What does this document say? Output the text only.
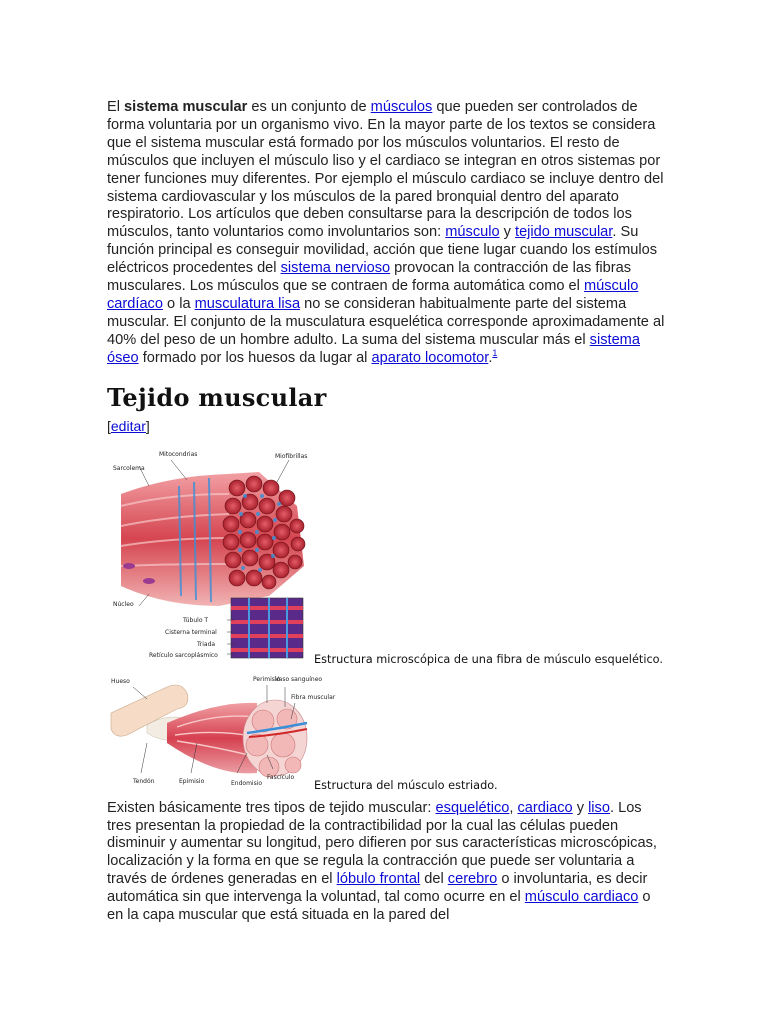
El sistema muscular es un conjunto de músculos que pueden ser controlados de forma voluntaria por un organismo vivo. En la mayor parte de los textos se considera que el sistema muscular está formado por los músculos voluntarios. El resto de músculos que incluyen el músculo liso y el cardiaco se integran en otros sistemas por tener funciones muy diferentes. Por ejemplo el músculo cardiaco se incluye dentro del sistema cardiovascular y los músculos de la pared bronquial dentro del aparato respiratorio. Los artículos que deben consultarse para la descripción de todos los músculos, tanto voluntarios como involuntarios son: músculo y tejido muscular. Su función principal es conseguir movilidad, acción que tiene lugar cuando los estímulos eléctricos procedentes del sistema nervioso provocan la contracción de las fibras musculares. Los músculos que se contraen de forma automática como el músculo cardíaco o la musculatura lisa no se consideran habitualmente parte del sistema muscular. El conjunto de la musculatura esquelética corresponde aproximadamente al 40% del peso de un hombre adulto. La suma del sistema muscular más el sistema óseo formado por los huesos da lugar al aparato locomotor.$^1$

Tejido muscular
[editar]
Mitocondrias	Miofibrillas
Sarcolema
Núcleo
Túbulo T
Cisterna terminal
Triada
Retículo sarcoplásmico	Estructura microscópica de una fibra de músculo esquelético.
Hueso	Perimisio
Vaso sanguíneo
Fibra muscular
Tendón	Epimisio	Endomisio
Fascículo
Estructura del músculo estriado.

Existen básicamente tres tipos de tejido muscular: esquelético, cardiaco y liso. Los tres presentan la propiedad de la contractibilidad por la cual las células pueden disminuir y aumentar su longitud, pero difieren por sus características microscópicas, localización y la forma en que se regula la contracción que puede ser voluntaria a través de órdenes generadas en el lóbulo frontal del cerebro o involuntaria, es decir automática sin que intervenga la voluntad, tal como ocurre en el músculo cardiaco o en la capa muscular que está situada en la pared del
